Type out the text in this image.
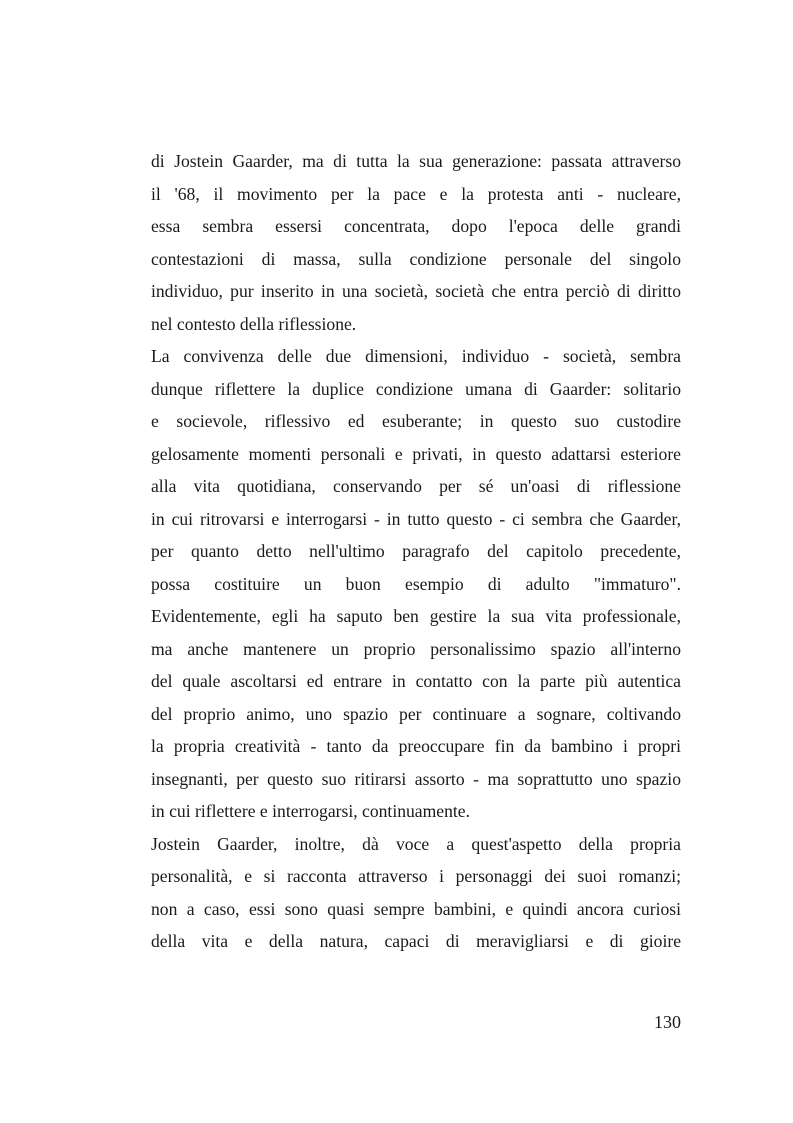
di Jostein Gaarder, ma di tutta la sua generazione: passata attraverso
il '68, il movimento per la pace e la protesta anti - nucleare,
essa sembra essersi concentrata, dopo l'epoca delle grandi
contestazioni di massa, sulla condizione personale del singolo
individuo, pur inserito in una società, società che entra perciò di diritto
nel contesto della riflessione.
La convivenza delle due dimensioni, individuo - società, sembra
dunque riflettere la duplice condizione umana di Gaarder: solitario
e socievole, riflessivo ed esuberante; in questo suo custodire
gelosamente momenti personali e privati, in questo adattarsi esteriore
alla vita quotidiana, conservando per sé un'oasi di riflessione
in cui ritrovarsi e interrogarsi - in tutto questo - ci sembra che Gaarder,
per quanto detto nell'ultimo paragrafo del capitolo precedente,
possa costituire un buon esempio di adulto "immaturo".
Evidentemente, egli ha saputo ben gestire la sua vita professionale,
ma anche mantenere un proprio personalissimo spazio all'interno
del quale ascoltarsi ed entrare in contatto con la parte più autentica
del proprio animo, uno spazio per continuare a sognare, coltivando
la propria creatività - tanto da preoccupare fin da bambino i propri
insegnanti, per questo suo ritirarsi assorto - ma soprattutto uno spazio
in cui riflettere e interrogarsi, continuamente.
Jostein Gaarder, inoltre, dà voce a quest'aspetto della propria
personalità, e si racconta attraverso i personaggi dei suoi romanzi;
non a caso, essi sono quasi sempre bambini, e quindi ancora curiosi
della vita e della natura, capaci di meravigliarsi e di gioire
130
